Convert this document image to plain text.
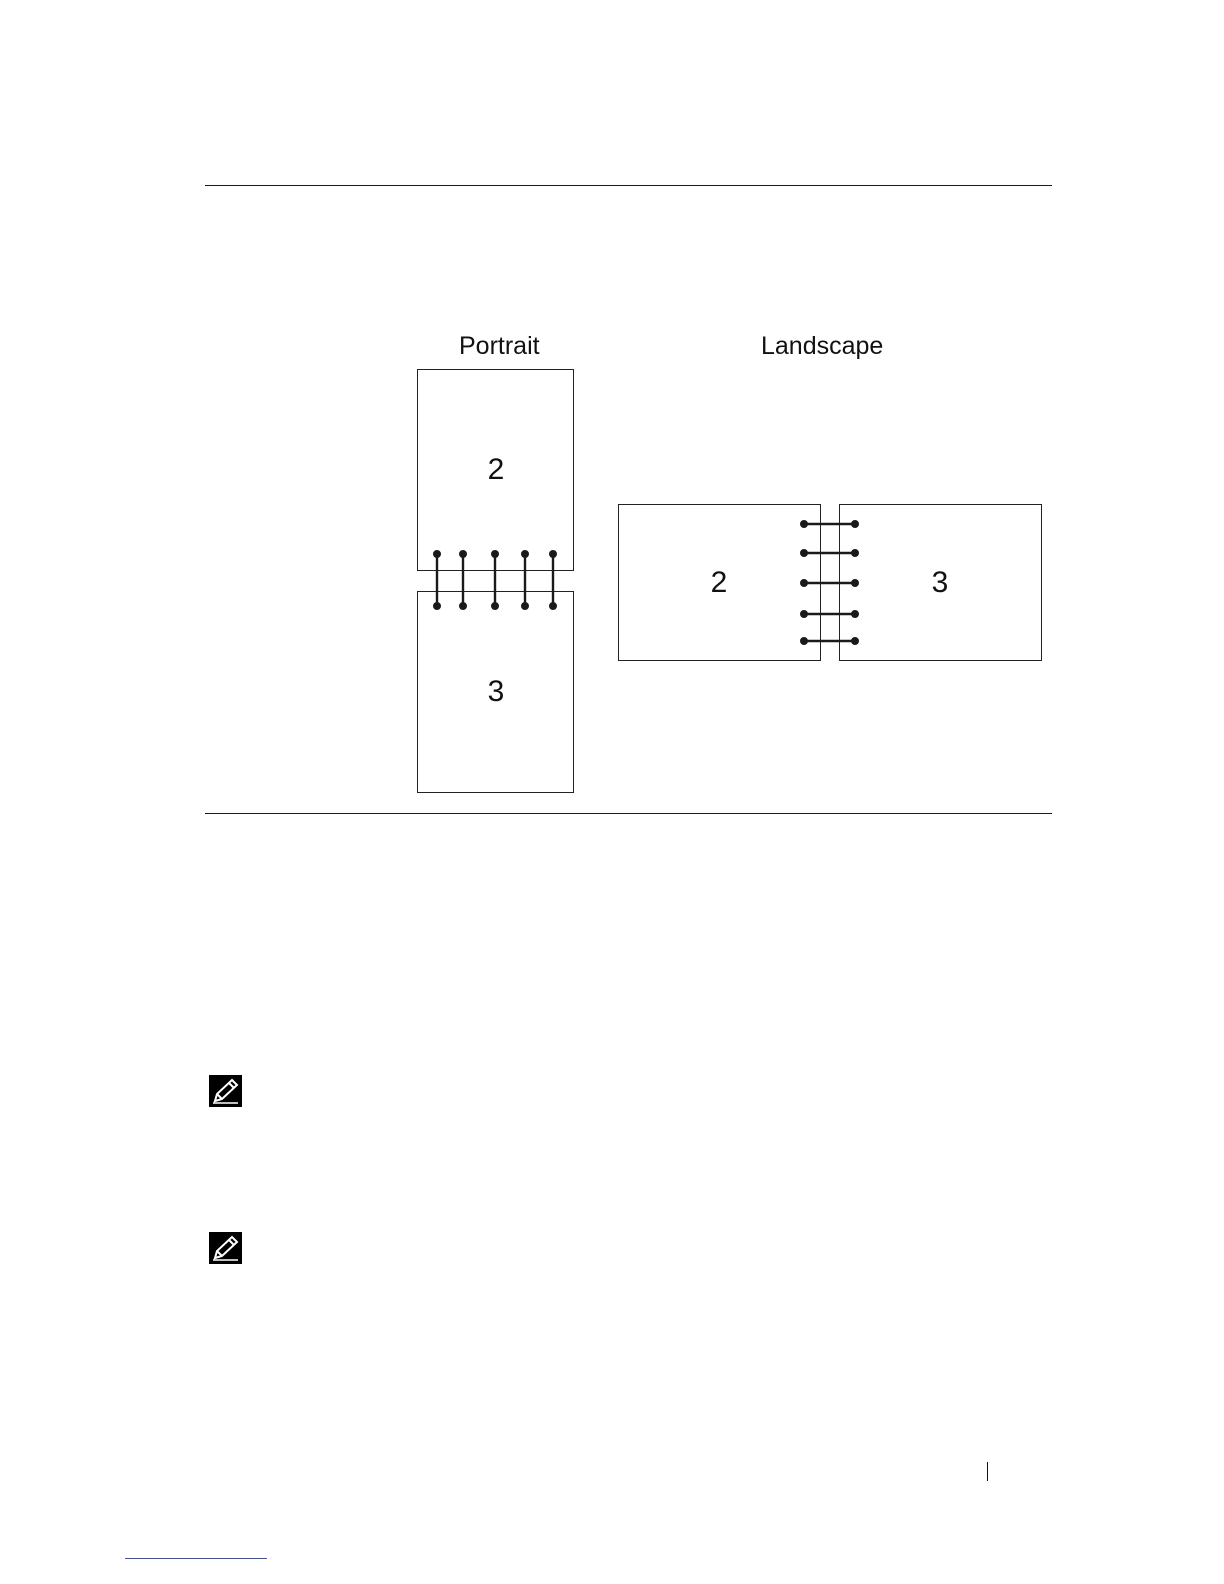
Portrait	Landscape
2
3
2	3
